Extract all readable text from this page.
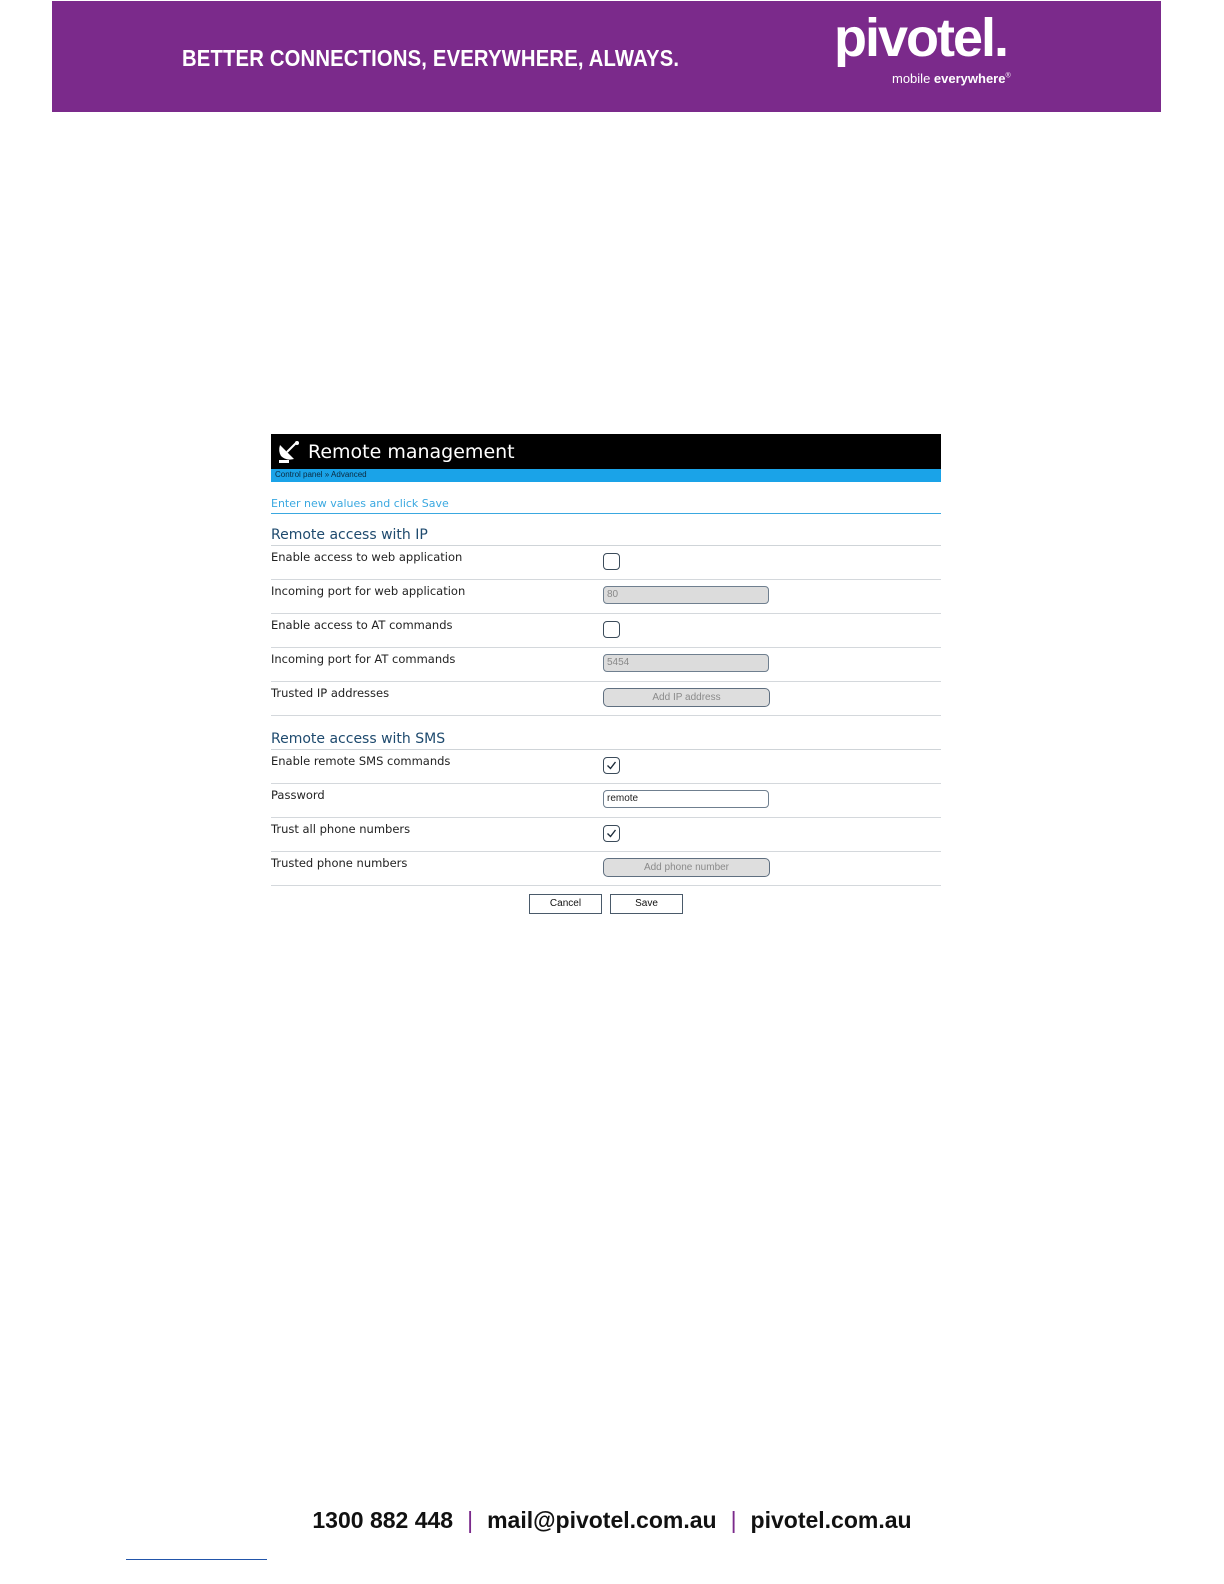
BETTER CONNECTIONS, EVERYWHERE, ALWAYS.	pivotel.
mobile everywhere®
Remote management
Control panel » Advanced
Enter new values and click Save
Remote access with IP
Enable access to web application
Incoming port for web application	80
Enable access to AT commands
Incoming port for AT commands	5454
Trusted IP addresses	Add IP address
Remote access with SMS
Enable remote SMS commands
Password	remote
Trust all phone numbers
Trusted phone numbers	Add phone number
Cancel	Save
1300 882 448 | mail@pivotel.com.au | pivotel.com.au
